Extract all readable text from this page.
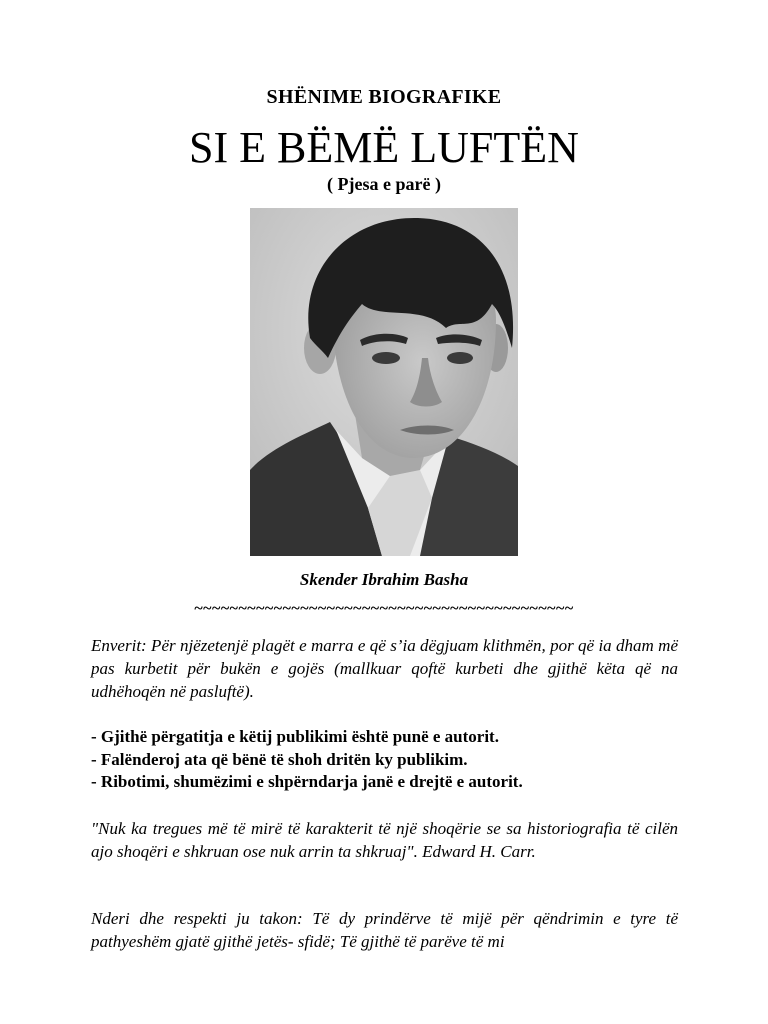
SHËNIME BIOGRAFIKE
SI E BËMË LUFTËN
( Pjesa e parë )
Skender Ibrahim Basha
~~~~~~~~~~~~~~~~~~~~~~~~~~~~~~~~~~~~~~~~~~~
Enverit: Për njëzetenjë plagët e marra e që s’ia dëgjuam klithmën, por që ia dham më pas kurbetit për bukën e gojës (mallkuar qoftë kurbeti dhe gjithë këta që na udhëhoqën në pasluftë).
- Gjithë përgatitja e këtij publikimi është punë e autorit.
- Falënderoj ata që bënë të shoh dritën ky publikim.
- Ribotimi, shumëzimi e shpërndarja janë e drejtë e autorit.
"Nuk ka tregues më të mirë të karakterit të një shoqërie se sa historiografia të cilën ajo shoqëri e shkruan ose nuk arrin ta shkruaj". Edward H. Carr.
Nderi dhe respekti ju takon: Të dy prindërve të mijë për qëndrimin e tyre të pathyeshëm gjatë gjithë jetës- sfidë; Të gjithë të parëve të mi
